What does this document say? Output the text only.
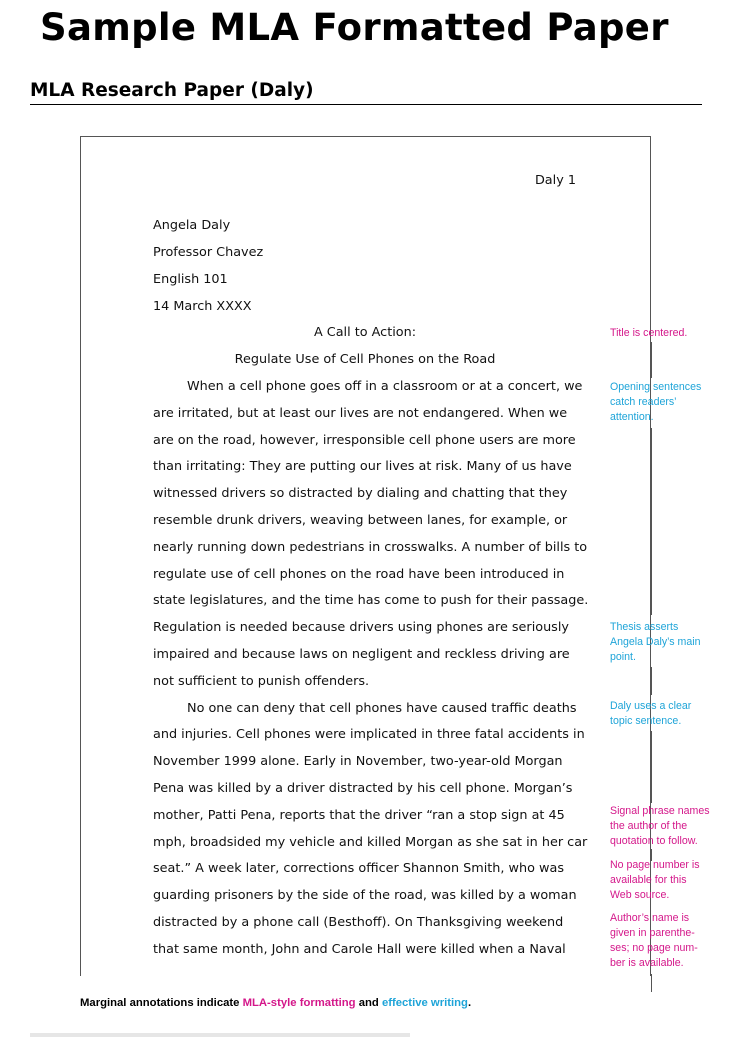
Sample MLA Formatted Paper
MLA Research Paper (Daly)
Daly 1
Angela Daly
Professor Chavez
English 101
14 March XXXX
A Call to Action:
Regulate Use of Cell Phones on the Road
When a cell phone goes off in a classroom or at a concert, we
are irritated, but at least our lives are not endangered. When we
are on the road, however, irresponsible cell phone users are more
than irritating: They are putting our lives at risk. Many of us have
witnessed drivers so distracted by dialing and chatting that they
resemble drunk drivers, weaving between lanes, for example, or
nearly running down pedestrians in crosswalks. A number of bills to
regulate use of cell phones on the road have been introduced in
state legislatures, and the time has come to push for their passage.
Regulation is needed because drivers using phones are seriously
impaired and because laws on negligent and reckless driving are
not sufficient to punish offenders.
No one can deny that cell phones have caused traffic deaths
and injuries. Cell phones were implicated in three fatal accidents in
November 1999 alone. Early in November, two-year-old Morgan
Pena was killed by a driver distracted by his cell phone. Morgan’s
mother, Patti Pena, reports that the driver “ran a stop sign at 45
mph, broadsided my vehicle and killed Morgan as she sat in her car
seat.” A week later, corrections officer Shannon Smith, who was
guarding prisoners by the side of the road, was killed by a woman
distracted by a phone call (Besthoff). On Thanksgiving weekend
that same month, John and Carole Hall were killed when a Naval
Title is centered.
Opening sentences
catch readers’
attention.
Thesis asserts
Angela Daly’s main
point.
Daly uses a clear
topic sentence.
Signal phrase names
the author of the
quotation to follow.
No page number is
available for this
Web source.
Author’s name is
given in parenthe-
ses; no page num-
ber is available.
Marginal annotations indicate MLA-style formatting and effective writing.
